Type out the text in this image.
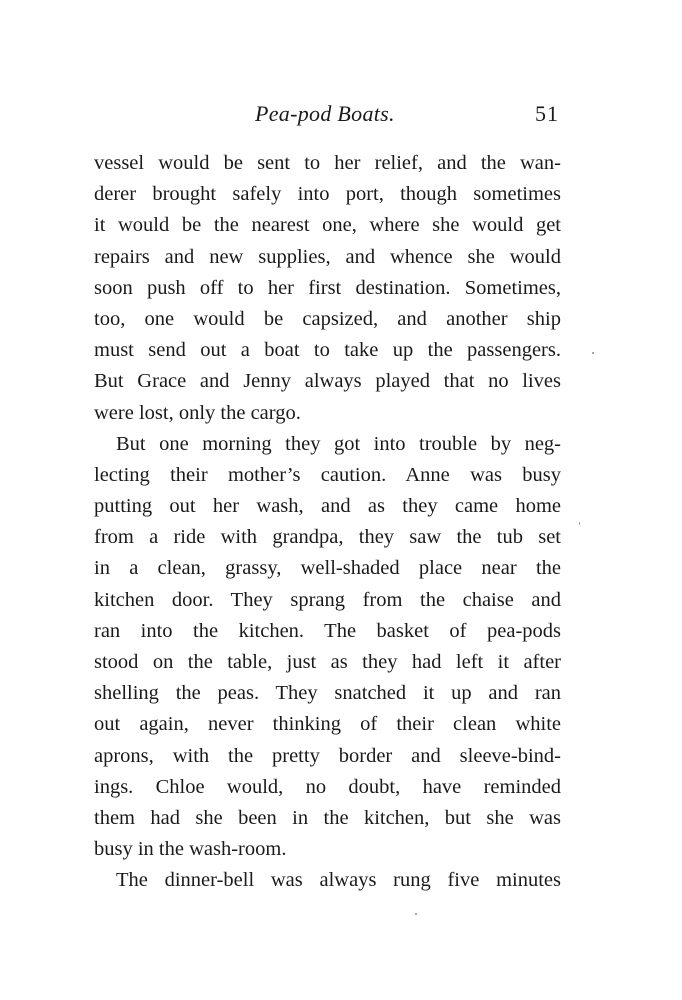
Pea-pod Boats.	51
vessel would be sent to her relief, and the wan-
derer brought safely into port, though sometimes
it would be the nearest one, where she would get
repairs and new supplies, and whence she would
soon push off to her first destination. Sometimes,
too, one would be capsized, and another ship
must send out a boat to take up the passengers.
But Grace and Jenny always played that no lives
were lost, only the cargo.
But one morning they got into trouble by neg-
lecting their mother’s caution. Anne was busy
putting out her wash, and as they came home
from a ride with grandpa, they saw the tub set
in a clean, grassy, well-shaded place near the
kitchen door. They sprang from the chaise and
ran into the kitchen. The basket of pea-pods
stood on the table, just as they had left it after
shelling the peas. They snatched it up and ran
out again, never thinking of their clean white
aprons, with the pretty border and sleeve-bind-
ings. Chloe would, no doubt, have reminded
them had she been in the kitchen, but she was
busy in the wash-room.
The dinner-bell was always rung five minutes
